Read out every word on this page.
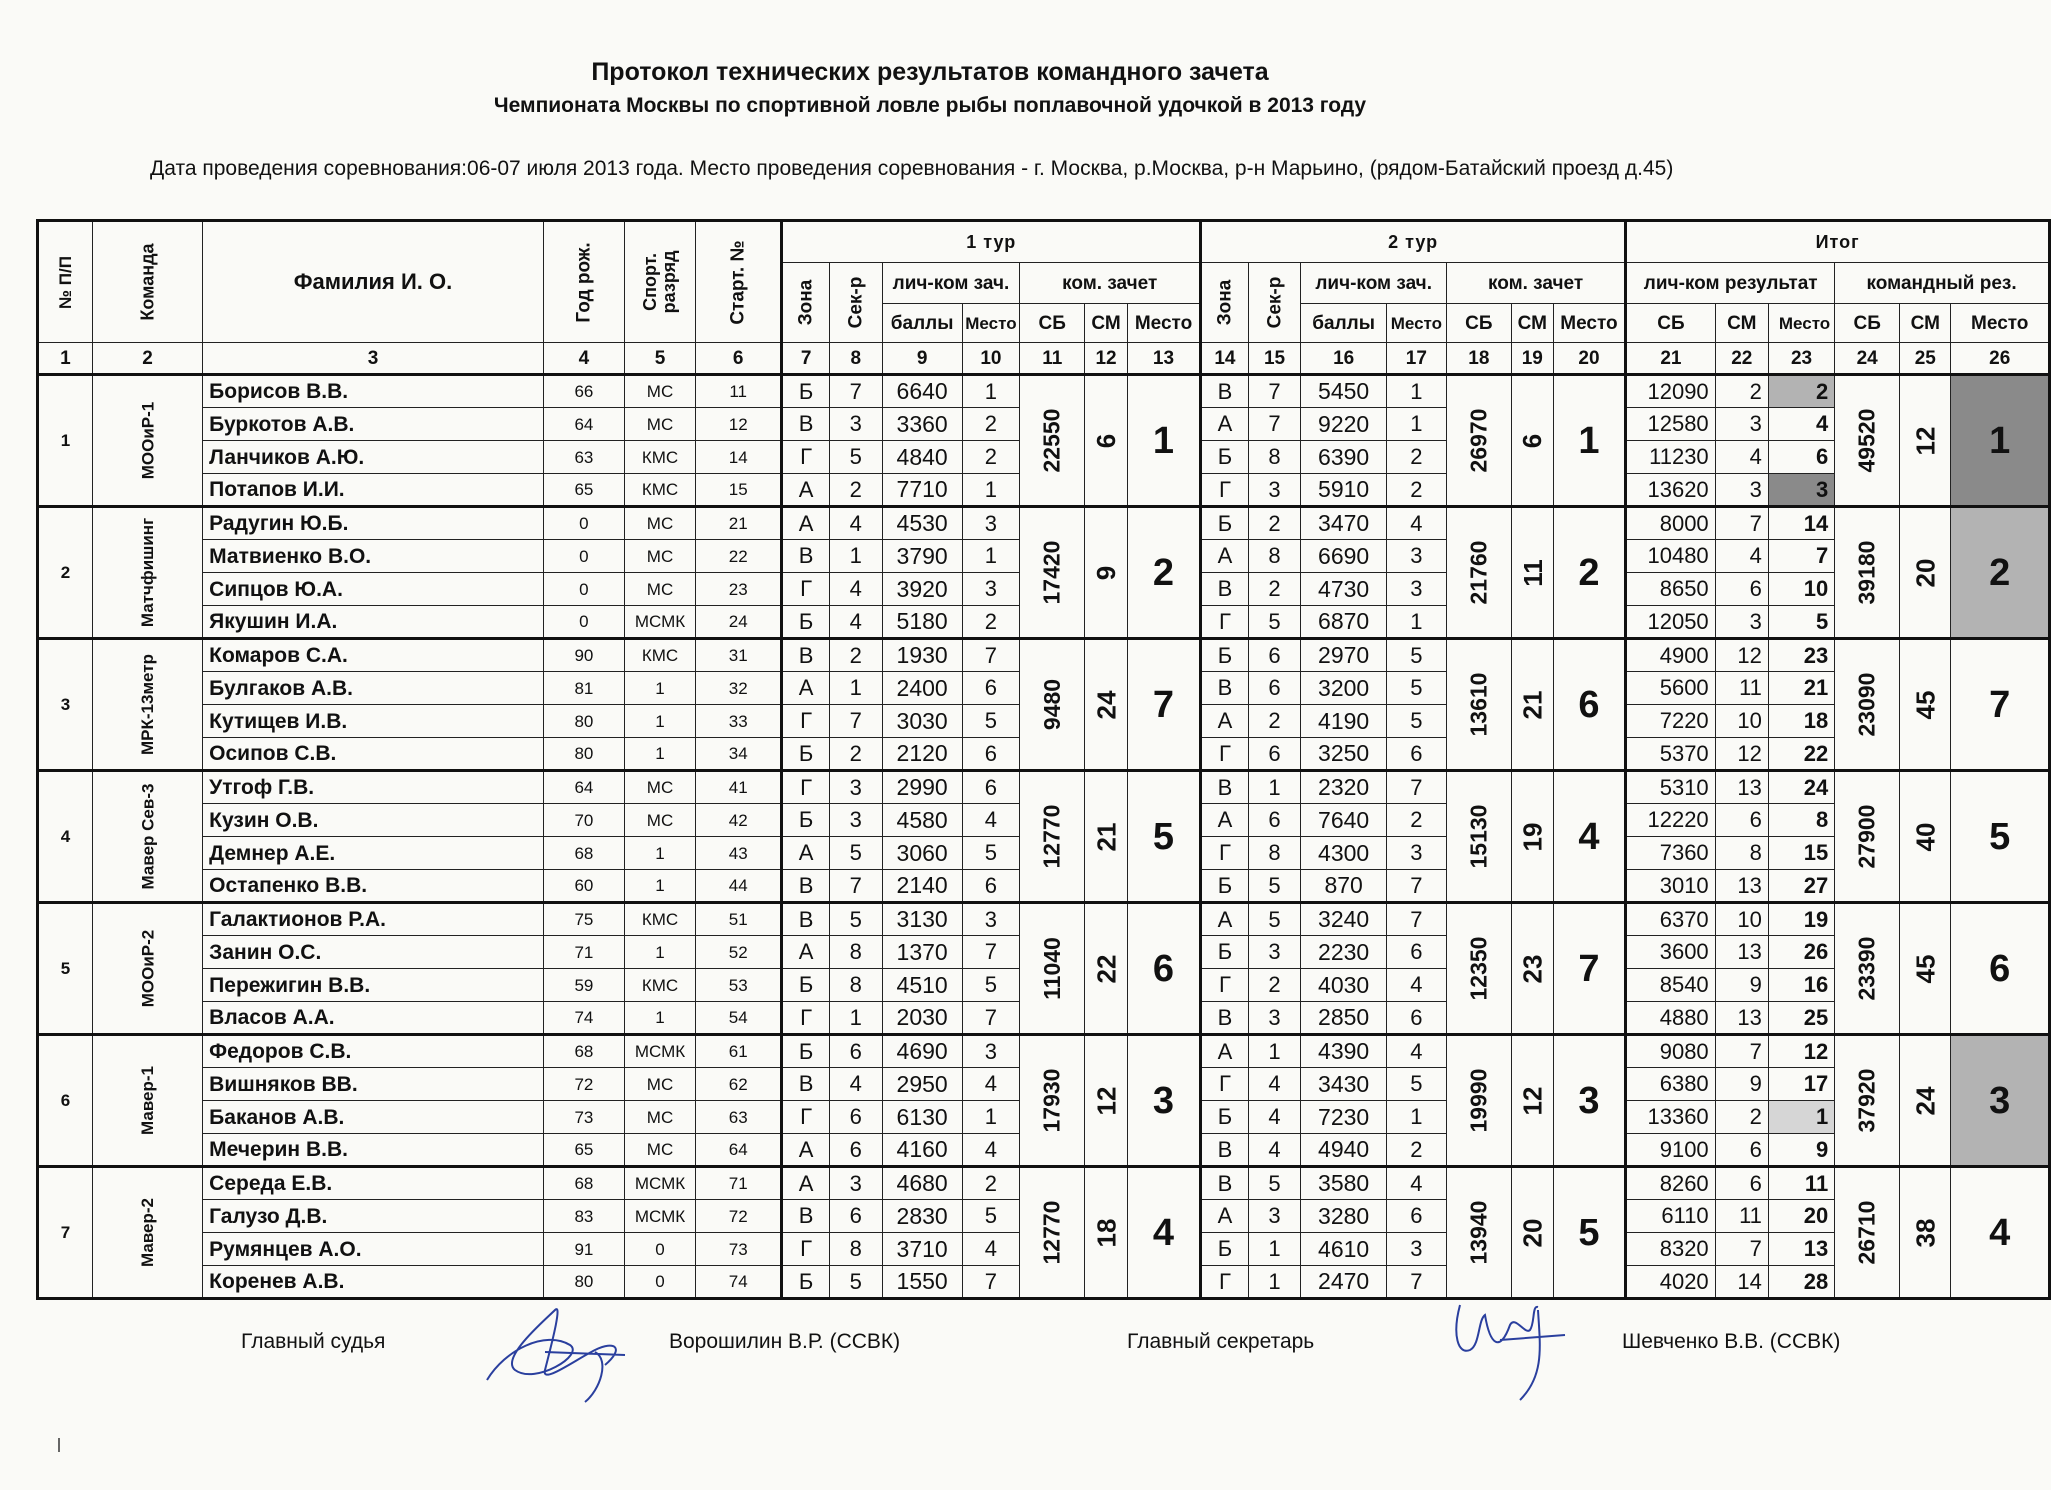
Протокол технических результатов командного зачета
Чемпионата Москвы по спортивной ловле рыбы поплавочной удочкой в 2013 году
Дата проведения соревнования:06-07 июля 2013 года. Место проведения соревнования - г. Москва, р.Москва, р-н Марьино, (рядом-Батайский проезд д.45)
№ П/П	Команда	Фамилия И. О.	Год рож.	Спорт. разряд	Старт. №	1 тур							2 тур							Итог					
						Зона	Сек-р	лич-ком зач.		ком. зачет			Зона	Сек-р	лич-ком зач.		ком. зачет			лич-ком результат			командный рез.		
								баллы	Место	СБ	СМ	Место			баллы	Место	СБ	СМ	Место	СБ	СМ	Место	СБ	СМ	Место
1	2	3	4	5	6	7	8	9	10	11	12	13	14	15	16	17	18	19	20	21	22	23	24	25	26
1	МООиР-1	Борисов В.В.	66	МС	11	Б	7	6640	1	22550	6	1	В	7	5450	1	26970	6	1	12090	2	2	49520	12	1
		Буркотов А.В.	64	МС	12	В	3	3360	2				А	7	9220	1				12580	3	4			
		Ланчиков А.Ю.	63	КМС	14	Г	5	4840	2				Б	8	6390	2				11230	4	6			
		Потапов И.И.	65	КМС	15	А	2	7710	1				Г	3	5910	2				13620	3	3			
2	Матчфишинг	Радугин Ю.Б.	0	МС	21	А	4	4530	3	17420	9	2	Б	2	3470	4	21760	11	2	8000	7	14	39180	20	2
		Матвиенко В.О.	0	МС	22	В	1	3790	1				А	8	6690	3				10480	4	7			
		Сипцов Ю.А.	0	МС	23	Г	4	3920	3				В	2	4730	3				8650	6	10			
		Якушин И.А.	0	МСМК	24	Б	4	5180	2				Г	5	6870	1				12050	3	5			
3	МРК-13метр	Комаров С.А.	90	КМС	31	В	2	1930	7	9480	24	7	Б	6	2970	5	13610	21	6	4900	12	23	23090	45	7
		Булгаков А.В.	81	1	32	А	1	2400	6				В	6	3200	5				5600	11	21			
		Кутищев И.В.	80	1	33	Г	7	3030	5				А	2	4190	5				7220	10	18			
		Осипов С.В.	80	1	34	Б	2	2120	6				Г	6	3250	6				5370	12	22			
4	Мавер Сев-3	Утгоф Г.В.	64	МС	41	Г	3	2990	6	12770	21	5	В	1	2320	7	15130	19	4	5310	13	24	27900	40	5
		Кузин О.В.	70	МС	42	Б	3	4580	4				А	6	7640	2				12220	6	8			
		Демнер А.Е.	68	1	43	А	5	3060	5				Г	8	4300	3				7360	8	15			
		Остапенко В.В.	60	1	44	В	7	2140	6				Б	5	870	7				3010	13	27			
5	МООиР-2	Галактионов Р.А.	75	КМС	51	В	5	3130	3	11040	22	6	А	5	3240	7	12350	23	7	6370	10	19	23390	45	6
		Занин О.С.	71	1	52	А	8	1370	7				Б	3	2230	6				3600	13	26			
		Пережигин В.В.	59	КМС	53	Б	8	4510	5				Г	2	4030	4				8540	9	16			
		Власов А.А.	74	1	54	Г	1	2030	7				В	3	2850	6				4880	13	25			
6	Мавер-1	Федоров С.В.	68	МСМК	61	Б	6	4690	3	17930	12	3	А	1	4390	4	19990	12	3	9080	7	12	37920	24	3
		Вишняков ВВ.	72	МС	62	В	4	2950	4				Г	4	3430	5				6380	9	17			
		Баканов А.В.	73	МС	63	Г	6	6130	1				Б	4	7230	1				13360	2	1			
		Мечерин В.В.	65	МС	64	А	6	4160	4				В	4	4940	2				9100	6	9			
7	Мавер-2	Середа Е.В.	68	МСМК	71	А	3	4680	2	12770	18	4	В	5	3580	4	13940	20	5	8260	6	11	26710	38	4
		Галузо Д.В.	83	МСМК	72	В	6	2830	5				А	3	3280	6				6110	11	20			
		Румянцев А.О.	91	0	73	Г	8	3710	4				Б	1	4610	3				8320	7	13			
		Коренев А.В.	80	0	74	Б	5	1550	7				Г	1	2470	7				4020	14	28			
Главный судья	Ворошилин В.Р. (ССВК)	Главный секретарь	Шевченко В.В. (ССВК)
